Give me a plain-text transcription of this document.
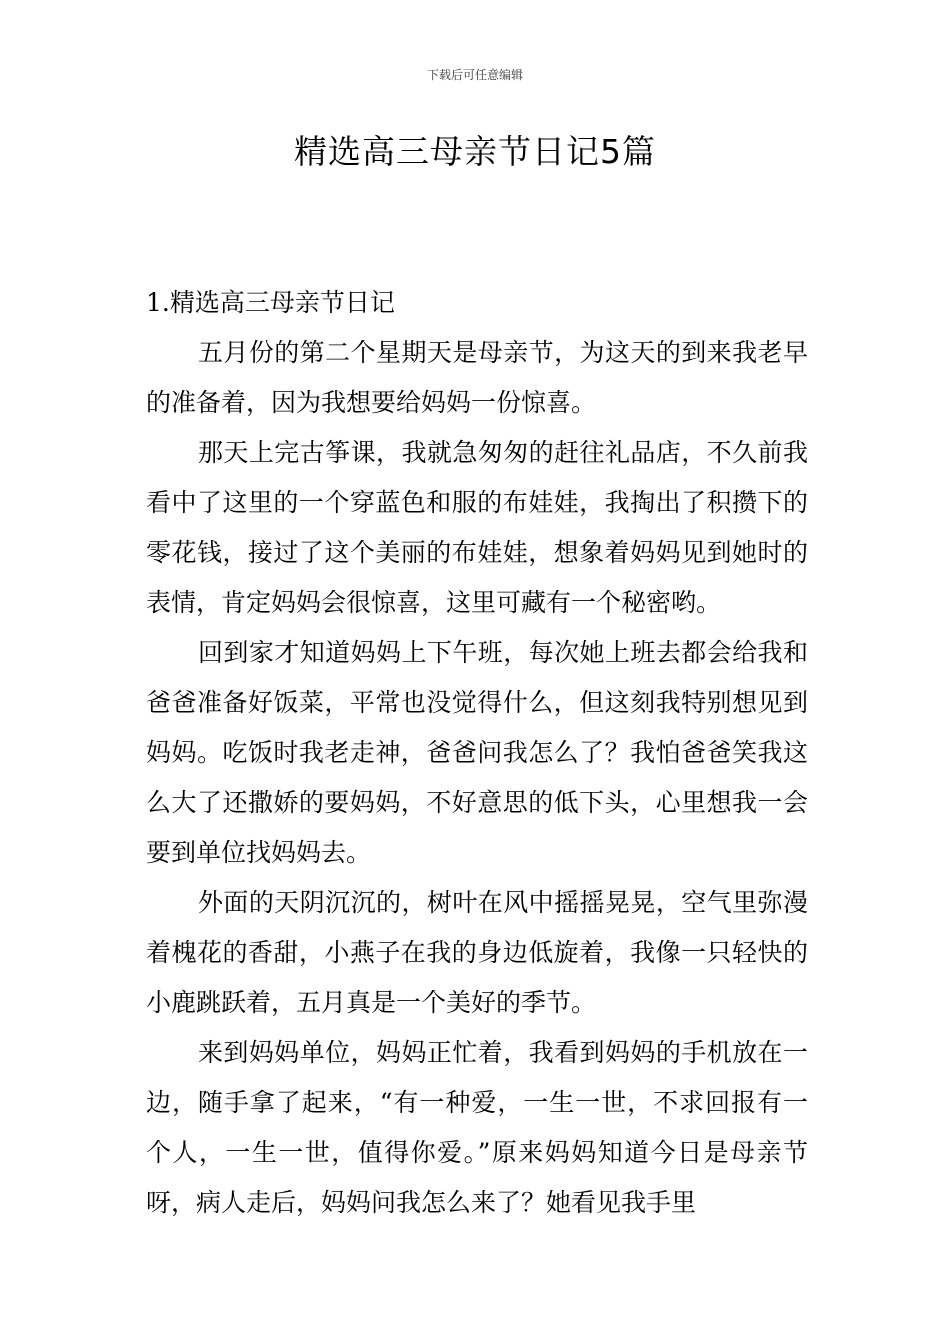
下载后可任意编辑
精选高三母亲节日记5篇
1.精选高三母亲节日记

五月份的第二个星期天是母亲节，为这天的到来我老早的准备着，因为我想要给妈妈一份惊喜。

那天上完古筝课，我就急匆匆的赶往礼品店，不久前我看中了这里的一个穿蓝色和服的布娃娃，我掏出了积攒下的零花钱，接过了这个美丽的布娃娃，想象着妈妈见到她时的表情，肯定妈妈会很惊喜，这里可藏有一个秘密哟。

回到家才知道妈妈上下午班，每次她上班去都会给我和爸爸准备好饭菜，平常也没觉得什么，但这刻我特别想见到妈妈。吃饭时我老走神，爸爸问我怎么了？我怕爸爸笑我这么大了还撒娇的要妈妈，不好意思的低下头，心里想我一会要到单位找妈妈去。

外面的天阴沉沉的，树叶在风中摇摇晃晃，空气里弥漫着槐花的香甜，小燕子在我的身边低旋着，我像一只轻快的小鹿跳跃着，五月真是一个美好的季节。

来到妈妈单位，妈妈正忙着，我看到妈妈的手机放在一边，随手拿了起来，“有一种爱，一生一世，不求回报有一个人，一生一世，值得你爱。”原来妈妈知道今日是母亲节呀，病人走后，妈妈问我怎么来了？她看见我手里
